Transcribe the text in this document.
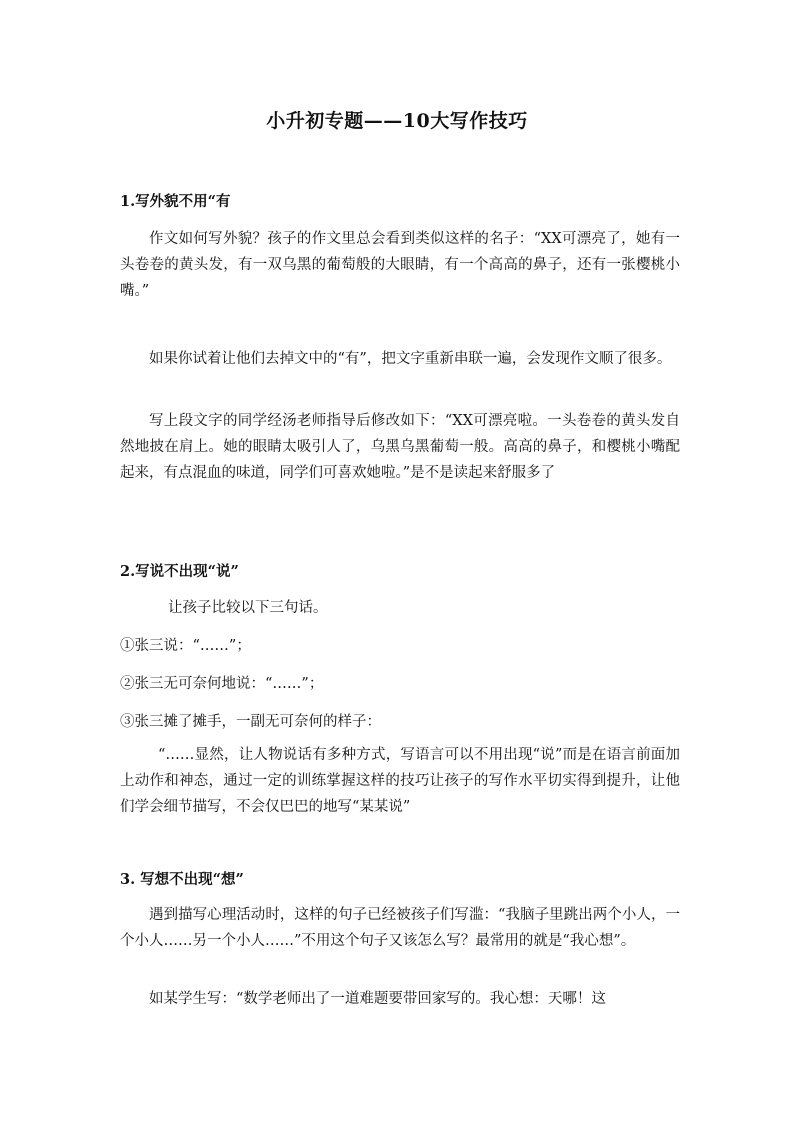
小升初专题——10大写作技巧
1.写外貌不用“有
作文如何写外貌？孩子的作文里总会看到类似这样的名子：“XX可漂亮了，她有一头卷卷的黄头发，有一双乌黑的葡萄般的大眼睛，有一个高高的鼻子，还有一张樱桃小嘴。”
如果你试着让他们去掉文中的“有”，把文字重新串联一遍，会发现作文顺了很多。
写上段文字的同学经汤老师指导后修改如下：“XX可漂亮啦。一头卷卷的黄头发自然地披在肩上。她的眼睛太吸引人了，乌黑乌黑葡萄一般。高高的鼻子，和樱桃小嘴配起来，有点混血的味道，同学们可喜欢她啦。”是不是读起来舒服多了
2.写说不出现“说”
让孩子比较以下三句话。
①张三说：“……”；
②张三无可奈何地说：“……”；
③张三摊了摊手，一副无可奈何的样子：
“……显然，让人物说话有多种方式，写语言可以不用出现“说”而是在语言前面加上动作和神态，通过一定的训练掌握这样的技巧让孩子的写作水平切实得到提升，让他们学会细节描写，不会仅巴巴的地写“某某说”
3. 写想不出现“想”
遇到描写心理活动时，这样的句子已经被孩子们写滥：“我脑子里跳出两个小人，一个小人……另一个小人……”不用这个句子又该怎么写？最常用的就是“我心想”。
如某学生写：“数学老师出了一道难题要带回家写的。我心想：天哪！这
